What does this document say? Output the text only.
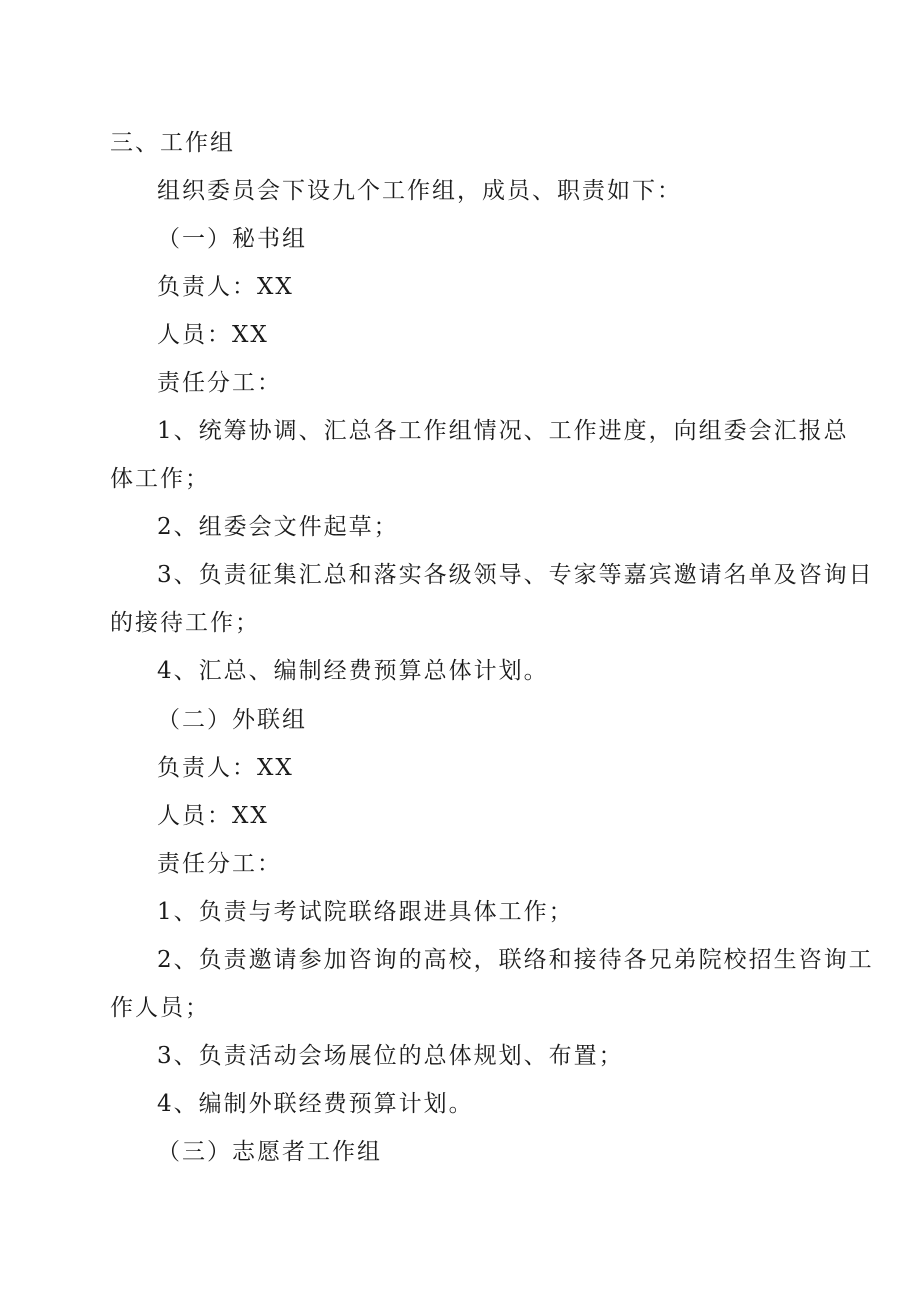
三、工作组
组织委员会下设九个工作组，成员、职责如下：
（一）秘书组
负责人：XX
人员：XX
责任分工：
1、统筹协调、汇总各工作组情况、工作进度，向组委会汇报总
体工作；
2、组委会文件起草；
3、负责征集汇总和落实各级领导、专家等嘉宾邀请名单及咨询日
的接待工作；
4、汇总、编制经费预算总体计划。
（二）外联组
负责人：XX
人员：XX
责任分工：
1、负责与考试院联络跟进具体工作；
2、负责邀请参加咨询的高校，联络和接待各兄弟院校招生咨询工
作人员；
3、负责活动会场展位的总体规划、布置；
4、编制外联经费预算计划。
（三）志愿者工作组
